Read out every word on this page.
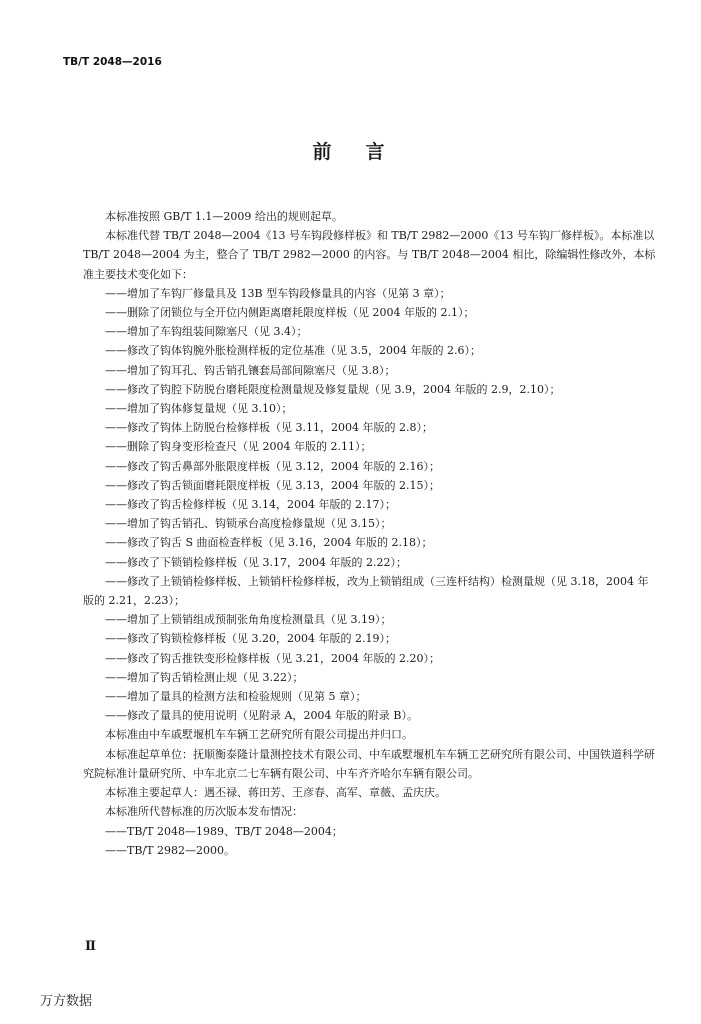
TB/T 2048—2016
前言

本标准按照 GB/T 1.1—2009 给出的规则起草。

本标准代替 TB/T 2048—2004《13 号车钩段修样板》和 TB/T 2982—2000《13 号车钩厂修样板》。本标准以 TB/T 2048—2004 为主，整合了 TB/T 2982—2000 的内容。与 TB/T 2048—2004 相比，除编辑性修改外，本标准主要技术变化如下：

——增加了车钩厂修量具及 13B 型车钩段修量具的内容（见第 3 章）；

——删除了闭锁位与全开位内侧距离磨耗限度样板（见 2004 年版的 2.1）；

——增加了车钩组装间隙塞尺（见 3.4）；

——修改了钩体钩腕外胀检测样板的定位基准（见 3.5，2004 年版的 2.6）；

——增加了钩耳孔、钩舌销孔镶套局部间隙塞尺（见 3.8）；

——修改了钩腔下防脱台磨耗限度检测量规及修复量规（见 3.9，2004 年版的 2.9，2.10）；

——增加了钩体修复量规（见 3.10）；

——修改了钩体上防脱台检修样板（见 3.11，2004 年版的 2.8）；

——删除了钩身变形检查尺（见 2004 年版的 2.11）；

——修改了钩舌鼻部外胀限度样板（见 3.12，2004 年版的 2.16）；

——修改了钩舌锁面磨耗限度样板（见 3.13，2004 年版的 2.15）；

——修改了钩舌检修样板（见 3.14，2004 年版的 2.17）；

——增加了钩舌销孔、钩锁承台高度检修量规（见 3.15）；

——修改了钩舌 S 曲面检查样板（见 3.16，2004 年版的 2.18）；

——修改了下锁销检修样板（见 3.17，2004 年版的 2.22）；

——修改了上锁销检修样板、上锁销杆检修样板，改为上锁销组成（三连杆结构）检测量规（见 3.18，2004 年版的 2.21，2.23）；

——增加了上锁销组成预制张角角度检测量具（见 3.19）；

——修改了钩锁检修样板（见 3.20，2004 年版的 2.19）；

——修改了钩舌推铁变形检修样板（见 3.21，2004 年版的 2.20）；

——增加了钩舌销检测止规（见 3.22）；

——增加了量具的检测方法和检验规则（见第 5 章）；

——修改了量具的使用说明（见附录 A，2004 年版的附录 B）。

本标准由中车戚墅堰机车车辆工艺研究所有限公司提出并归口。

本标准起草单位：抚顺衡泰隆计量测控技术有限公司、中车戚墅堰机车车辆工艺研究所有限公司、中国铁道科学研究院标准计量研究所、中车北京二七车辆有限公司、中车齐齐哈尔车辆有限公司。

本标准主要起草人：遇丕禄、蒋田芳、王彦春、高军、章薇、孟庆庆。

本标准所代替标准的历次版本发布情况：

——TB/T 2048—1989、TB/T 2048—2004；

——TB/T 2982—2000。

Ⅱ
万方数据
